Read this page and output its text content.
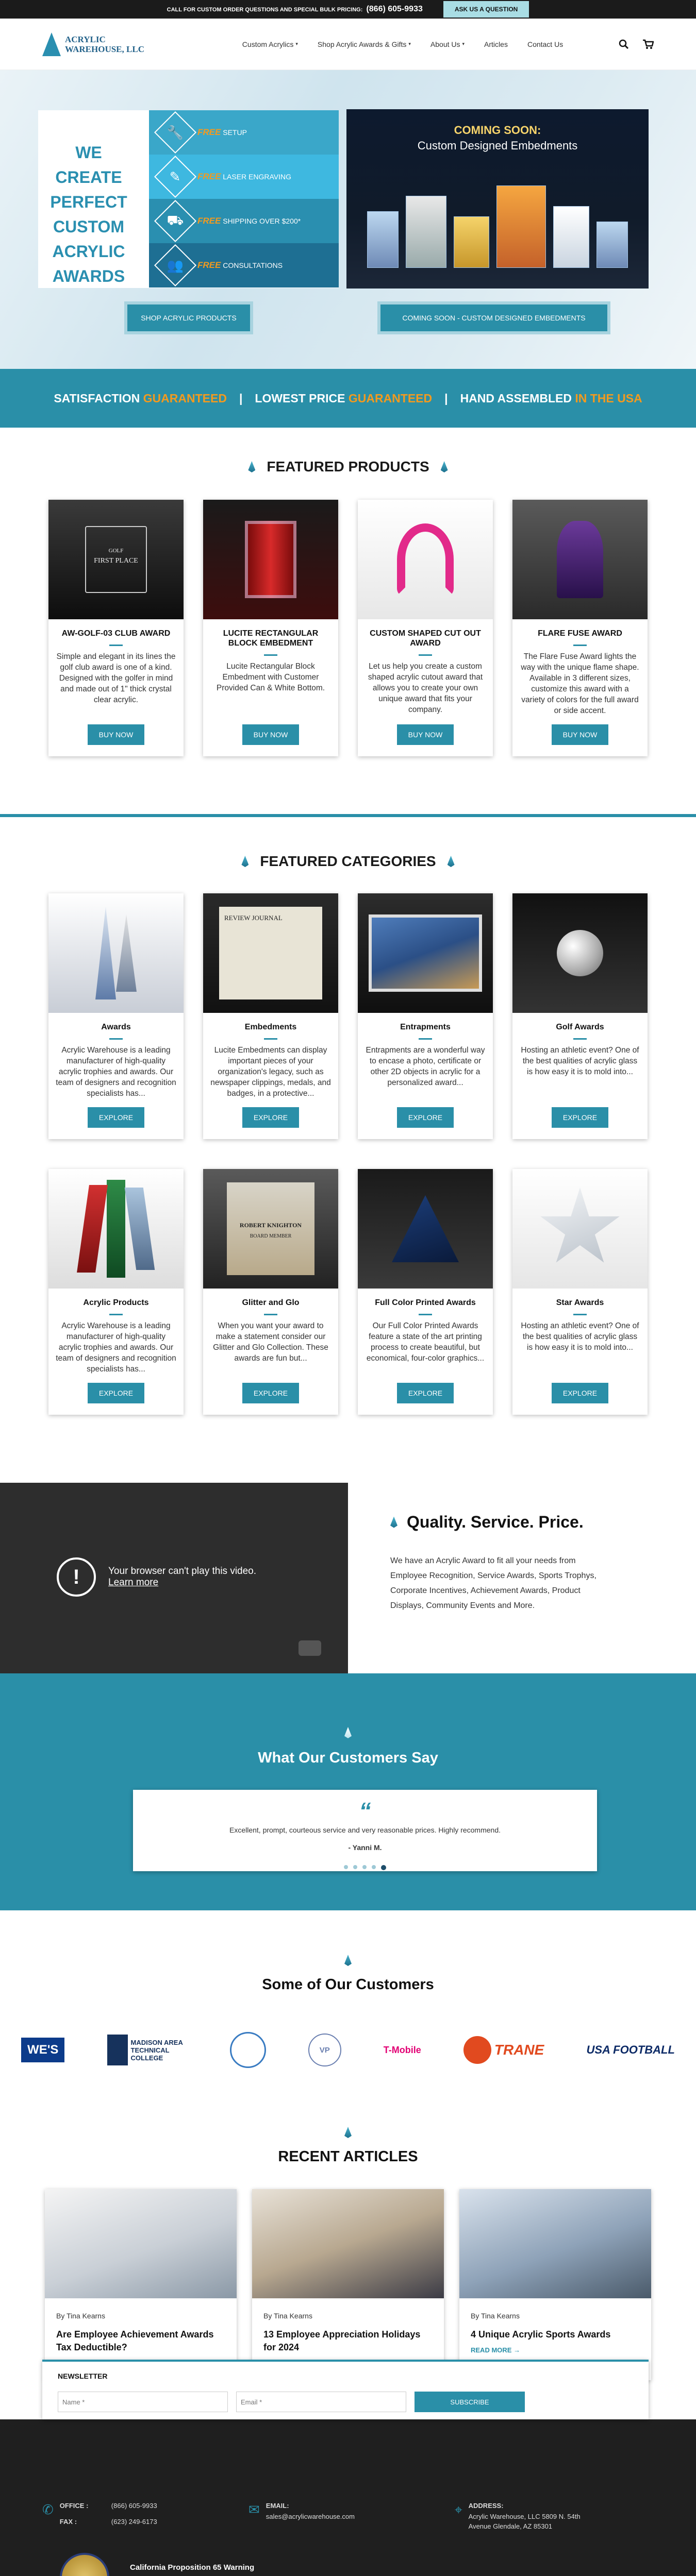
CALL FOR CUSTOM ORDER QUESTIONS AND SPECIAL BULK PRICING: (866) 605-9933	ASK US A QUESTION
ACRYLIC
WAREHOUSE, LLC	Custom Acrylics ▾	Shop Acrylic Awards & Gifts ▾	About Us ▾	Articles	Contact Us
WE CREATE
PERFECT
CUSTOM
ACRYLIC
AWARDS
🔧 FREE SETUP
✎ FREE LASER ENGRAVING
⛟ FREE SHIPPING OVER $200*
👥 FREE CONSULTATIONS
COMING SOON:
Custom Designed Embedments
SHOP ACRYLIC PRODUCTS	COMING SOON - CUSTOM DESIGNED EMBEDMENTS
SATISFACTION GUARANTEED | LOWEST PRICE GUARANTEED | HAND ASSEMBLED IN THE USA
FEATURED PRODUCTS
GOLF
FIRST PLACE
AW-GOLF-03 CLUB AWARD

Simple and elegant in its lines the golf club award is one of a kind. Designed with the golfer in mind and made out of 1" thick crystal clear acrylic.

BUY NOW
LUCITE RECTANGULAR BLOCK EMBEDMENT

Lucite Rectangular Block Embedment with Customer Provided Can & White Bottom.

BUY NOW
CUSTOM SHAPED CUT OUT AWARD

Let us help you create a custom shaped acrylic cutout award that allows you to create your own unique award that fits your company.

BUY NOW
FLARE FUSE AWARD

The Flare Fuse Award lights the way with the unique flame shape. Available in 3 different sizes, customize this award with a variety of colors for the full award or side accent.

BUY NOW
FEATURED CATEGORIES
Awards

Acrylic Warehouse is a leading manufacturer of high-quality acrylic trophies and awards. Our team of designers and recognition specialists has...

EXPLORE
REVIEW JOURNAL
Embedments

Lucite Embedments can display important pieces of your organization's legacy, such as newspaper clippings, medals, and badges, in a protective...

EXPLORE
Entrapments

Entrapments are a wonderful way to encase a photo, certificate or other 2D objects in acrylic for a personalized award...

EXPLORE
Golf Awards

Hosting an athletic event? One of the best qualities of acrylic glass is how easy it is to mold into...

EXPLORE
Acrylic Products

Acrylic Warehouse is a leading manufacturer of high-quality acrylic trophies and awards. Our team of designers and recognition specialists has...

EXPLORE
ROBERT KNIGHTON
BOARD MEMBER
Glitter and Glo

When you want your award to make a statement consider our Glitter and Glo Collection. These awards are fun but...

EXPLORE
Full Color Printed Awards

Our Full Color Printed Awards feature a state of the art printing process to create beautiful, but economical, four-color graphics...

EXPLORE
Star Awards

Hosting an athletic event? One of the best qualities of acrylic glass is how easy it is to mold into...

EXPLORE
!	Your browser can't play this video.
Learn more
Quality. Service. Price.

We have an Acrylic Award to fit all your needs from Employee Recognition, Service Awards, Sports Trophys, Corporate Incentives, Achievement Awards, Product Displays, Community Events and More.

What Our Customers Say
“
Excellent, prompt, courteous service and very reasonable prices. Highly recommend.
- Yanni M.
Some of Our Customers
WE'S
MADISON AREA TECHNICAL COLLEGE
VP	T-Mobile	TRANE	USA FOOTBALL
RECENT ARTICLES
By Tina Kearns
Are Employee Achievement Awards Tax Deductible?
By Tina Kearns
13 Employee Appreciation Holidays for 2024
By Tina Kearns
4 Unique Acrylic Sports Awards
READ MORE →
NEWSLETTER
Name *
Email *
SUBSCRIBE
✆ OFFICE :	(866) 605-9933
FAX :	(623) 249-6173
✉ EMAIL:
sales@acrylicwarehouse.com	⌖ ADDRESS:
Acrylic Warehouse, LLC 5809 N. 54th
Avenue Glendale, AZ 85301
California Proposition 65 Warning
